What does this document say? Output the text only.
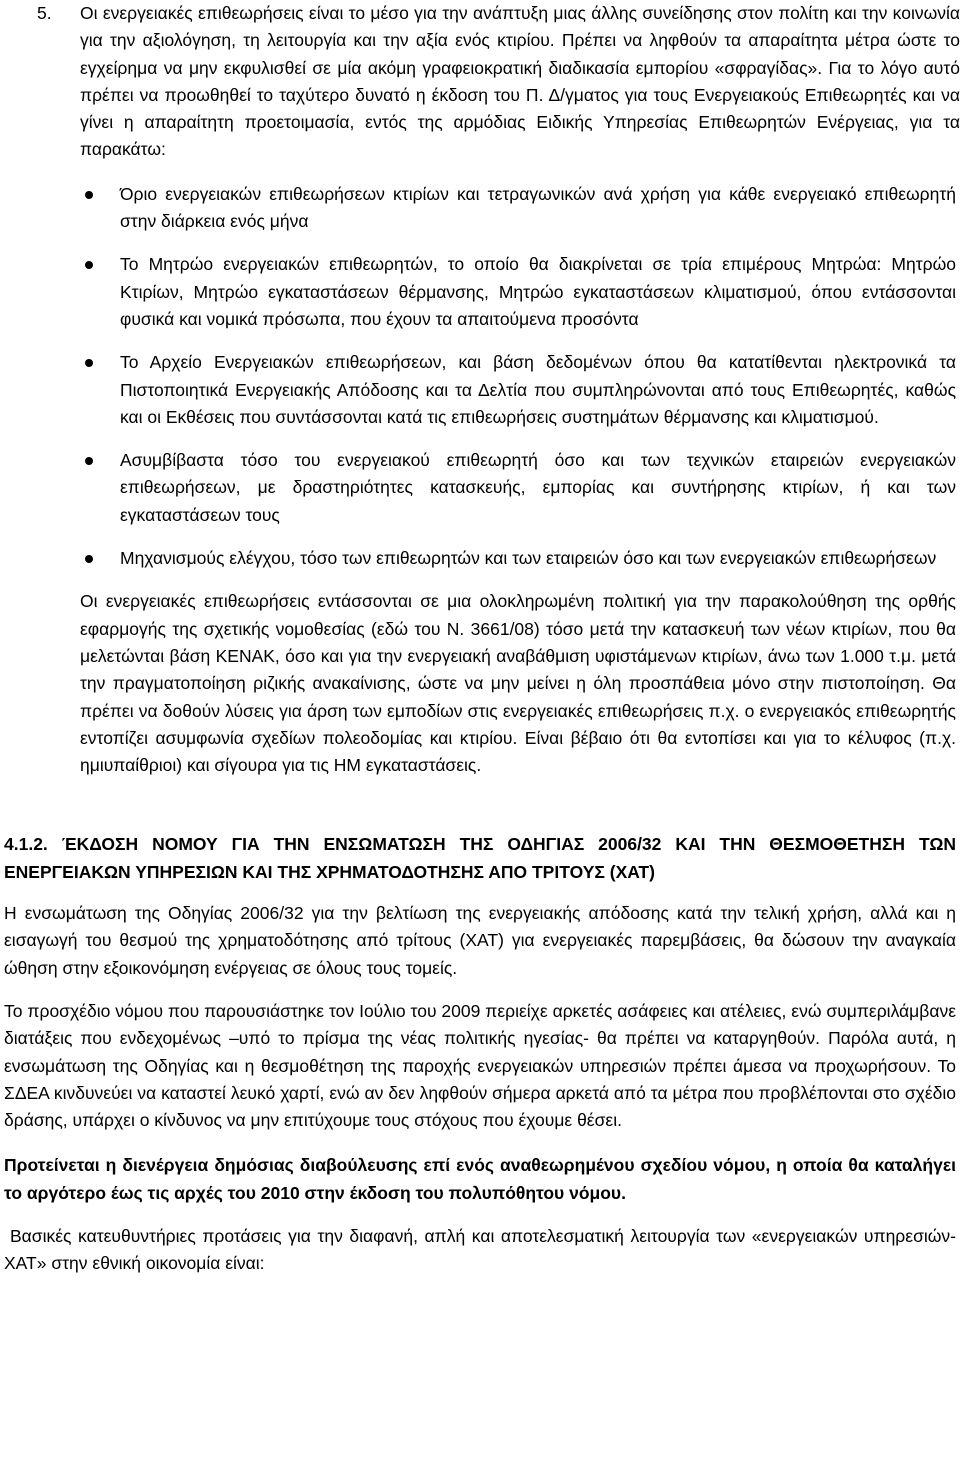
5. Οι ενεργειακές επιθεωρήσεις είναι το μέσο για την ανάπτυξη μιας άλλης συνείδησης στον πολίτη και την κοινωνία για την αξιολόγηση, τη λειτουργία και την αξία ενός κτιρίου. Πρέπει να ληφθούν τα απαραίτητα μέτρα ώστε το εγχείρημα να μην εκφυλισθεί σε μία ακόμη γραφειοκρατική διαδικασία εμπορίου «σφραγίδας». Για το λόγο αυτό πρέπει να προωθηθεί το ταχύτερο δυνατό η έκδοση του Π. Δ/γματος για τους Ενεργειακούς Επιθεωρητές και να γίνει η απαραίτητη προετοιμασία, εντός της αρμόδιας Ειδικής Υπηρεσίας Επιθεωρητών Ενέργειας, για τα παρακάτω:
Όριο ενεργειακών επιθεωρήσεων κτιρίων και τετραγωνικών ανά χρήση για κάθε ενεργειακό επιθεωρητή στην διάρκεια ενός μήνα
Το Μητρώο ενεργειακών επιθεωρητών, το οποίο θα διακρίνεται σε τρία επιμέρους Μητρώα: Μητρώο Κτιρίων, Μητρώο εγκαταστάσεων θέρμανσης, Μητρώο εγκαταστάσεων κλιματισμού, όπου εντάσσονται φυσικά και νομικά πρόσωπα, που έχουν τα απαιτούμενα προσόντα
Το Αρχείο Ενεργειακών επιθεωρήσεων, και βάση δεδομένων όπου θα κατατίθενται ηλεκτρονικά τα Πιστοποιητικά Ενεργειακής Απόδοσης και τα Δελτία που συμπληρώνονται από τους Επιθεωρητές, καθώς και οι Εκθέσεις που συντάσσονται κατά τις επιθεωρήσεις συστημάτων θέρμανσης και κλιματισμού.
Ασυμβίβαστα τόσο του ενεργειακού επιθεωρητή όσο και των τεχνικών εταιρειών ενεργειακών επιθεωρήσεων, με δραστηριότητες κατασκευής, εμπορίας και συντήρησης κτιρίων, ή και των εγκαταστάσεων τους
Μηχανισμούς ελέγχου, τόσο των επιθεωρητών και των εταιρειών όσο και των ενεργειακών επιθεωρήσεων
Οι ενεργειακές επιθεωρήσεις εντάσσονται σε μια ολοκληρωμένη πολιτική για την παρακολούθηση της ορθής εφαρμογής της σχετικής νομοθεσίας (εδώ του Ν. 3661/08) τόσο μετά την κατασκευή των νέων κτιρίων, που θα μελετώνται βάση ΚΕΝΑΚ, όσο και για την ενεργειακή αναβάθμιση υφιστάμενων κτιρίων, άνω των 1.000 τ.μ. μετά την πραγματοποίηση ριζικής ανακαίνισης, ώστε να μην μείνει η όλη προσπάθεια μόνο στην πιστοποίηση. Θα πρέπει να δοθούν λύσεις για άρση των εμποδίων στις ενεργειακές επιθεωρήσεις π.χ. ο ενεργειακός επιθεωρητής εντοπίζει ασυμφωνία σχεδίων πολεοδομίας και κτιρίου. Είναι βέβαιο ότι θα εντοπίσει και για το κέλυφος (π.χ. ημιυπαίθριοι) και σίγουρα για τις ΗΜ εγκαταστάσεις.
4.1.2. ΈΚΔΟΣΗ ΝΟΜΟΥ ΓΙΑ ΤΗΝ ΕΝΣΩΜΑΤΩΣΗ ΤΗΣ ΟΔΗΓΙΑΣ 2006/32 ΚΑΙ ΤΗΝ ΘΕΣΜΟΘΕΤΗΣΗ ΤΩΝ ΕΝΕΡΓΕΙΑΚΩΝ ΥΠΗΡΕΣΙΩΝ ΚΑΙ ΤΗΣ ΧΡΗΜΑΤΟΔΟΤΗΣΗΣ ΑΠΟ ΤΡΙΤΟΥΣ (ΧΑΤ)
Η ενσωμάτωση της Οδηγίας 2006/32 για την βελτίωση της ενεργειακής απόδοσης κατά την τελική χρήση, αλλά και η εισαγωγή του θεσμού της χρηματοδότησης από τρίτους (ΧΑΤ) για ενεργειακές παρεμβάσεις, θα δώσουν την αναγκαία ώθηση στην εξοικονόμηση ενέργειας σε όλους τους τομείς.
Το προσχέδιο νόμου που παρουσιάστηκε τον Ιούλιο του 2009 περιείχε αρκετές ασάφειες και ατέλειες, ενώ συμπεριλάμβανε διατάξεις που ενδεχομένως –υπό το πρίσμα της νέας πολιτικής ηγεσίας- θα πρέπει να καταργηθούν. Παρόλα αυτά, η ενσωμάτωση της Οδηγίας και η θεσμοθέτηση της παροχής ενεργειακών υπηρεσιών πρέπει άμεσα να προχωρήσουν. Το ΣΔΕΑ κινδυνεύει να καταστεί λευκό χαρτί, ενώ αν δεν ληφθούν σήμερα αρκετά από τα μέτρα που προβλέπονται στο σχέδιο δράσης, υπάρχει ο κίνδυνος να μην επιτύχουμε τους στόχους που έχουμε θέσει.
Προτείνεται η διενέργεια δημόσιας διαβούλευσης επί ενός αναθεωρημένου σχεδίου νόμου, η οποία θα καταλήγει το αργότερο έως τις αρχές του 2010 στην έκδοση του πολυπόθητου νόμου.
Βασικές κατευθυντήριες προτάσεις για την διαφανή, απλή και αποτελεσματική λειτουργία των «ενεργειακών υπηρεσιών-ΧΑΤ» στην εθνική οικονομία είναι:
